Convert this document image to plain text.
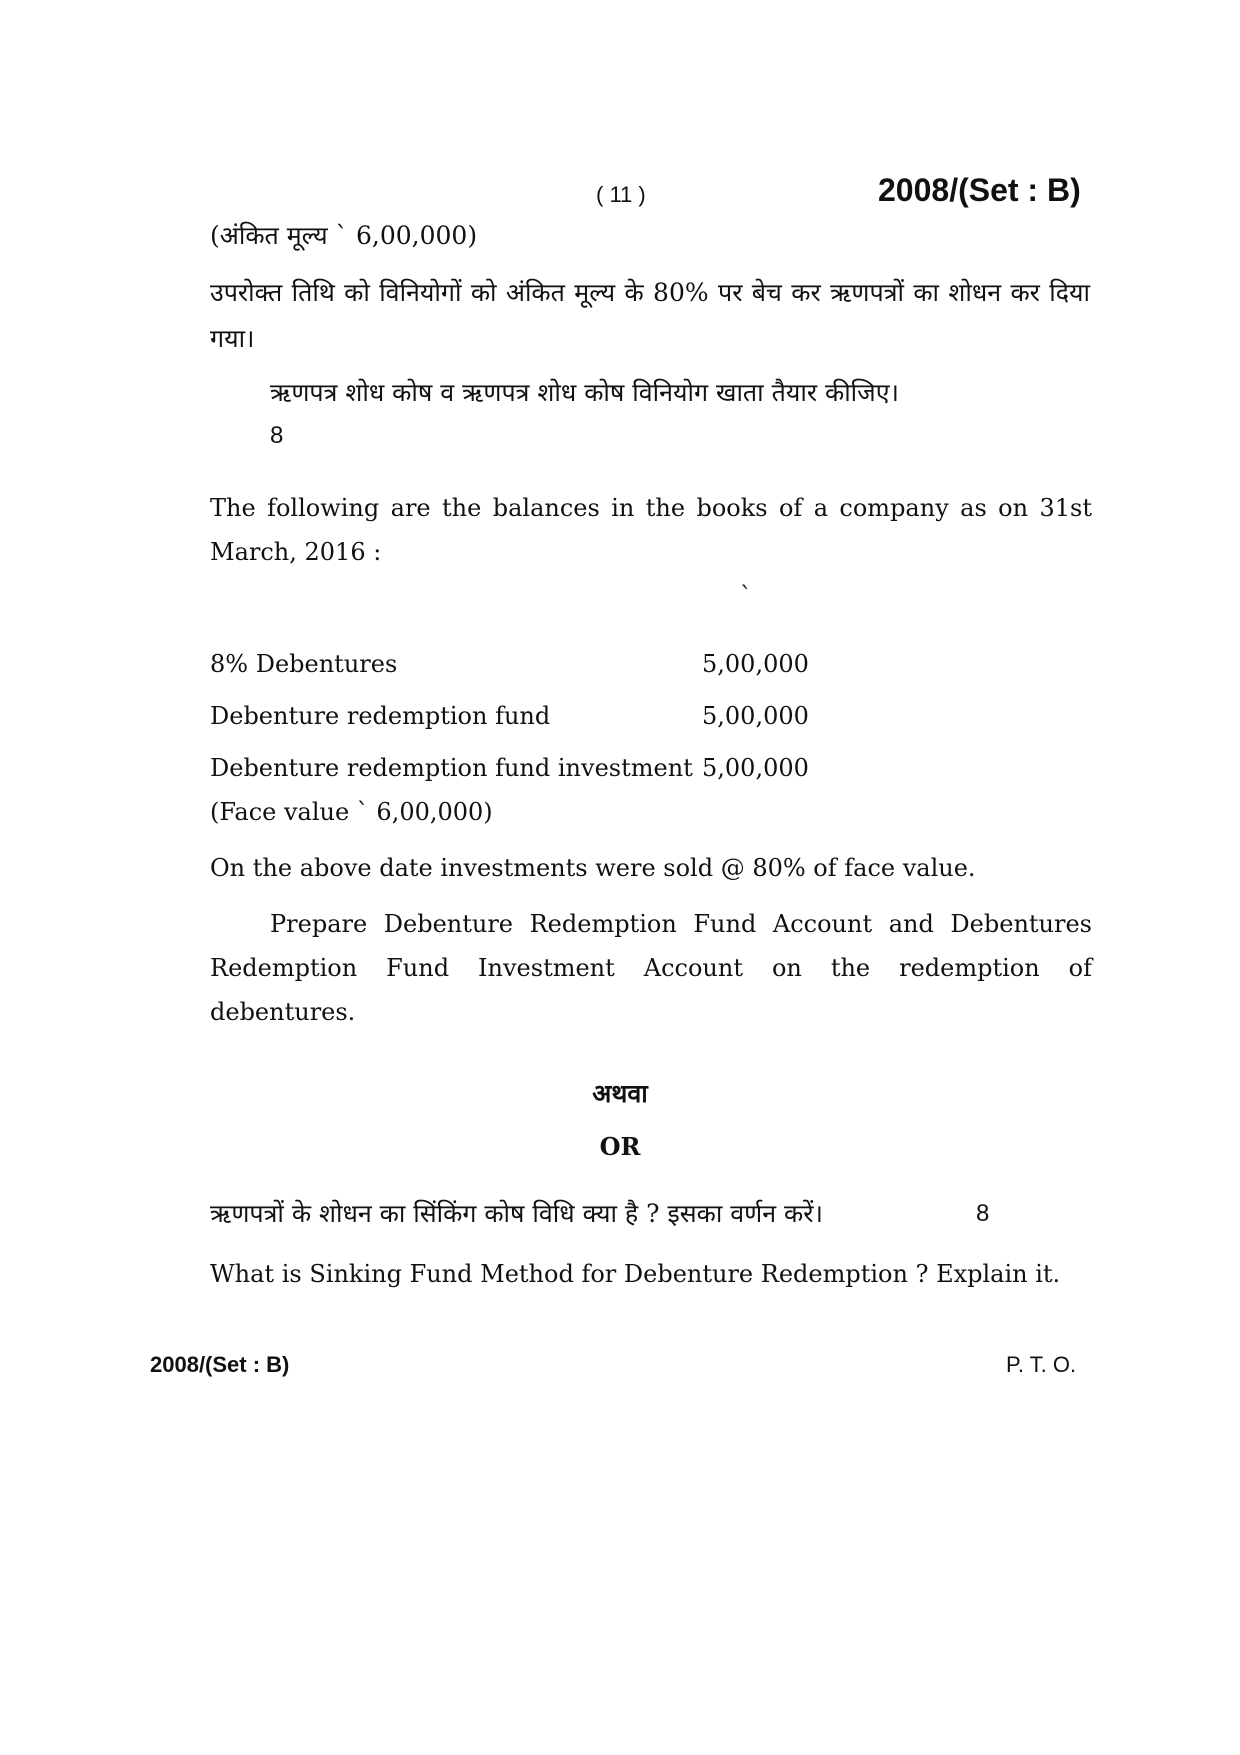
( 11 )	2008/(Set : B)
(अंकित मूल्य ` 6,00,000)
उपरोक्त तिथि को विनियोगों को अंकित मूल्य के 80% पर बेच कर ऋणपत्रों का शोधन कर दिया गया।
ऋणपत्र शोध कोष व ऋणपत्र शोध कोष विनियोग खाता तैयार कीजिए।
8
The following are the balances in the books of a company as on 31st March, 2016 :
`
8% Debentures	5,00,000
Debenture redemption fund	5,00,000
Debenture redemption fund investment 5,00,000
(Face value ` 6,00,000)
On the above date investments were sold @ 80% of face value.
Prepare Debenture Redemption Fund Account and Debentures Redemption Fund Investment Account on the redemption of debentures.
अथवा
OR
ऋणपत्रों के शोधन का सिंकिंग कोष विधि क्या है ? इसका वर्णन करें।	8
What is Sinking Fund Method for Debenture Redemption ? Explain it.
2008/(Set : B)	P. T. O.
